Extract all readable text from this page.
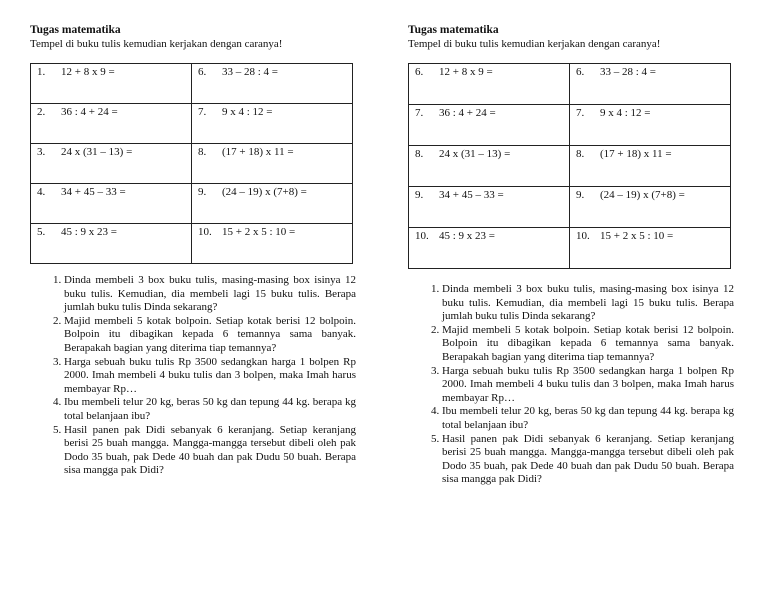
Tugas matematika

Tempel di buku tulis kemudian kerjakan dengan caranya!

1. 12 + 8 x 9 =	6. 33 – 28 : 4 =
2. 36 : 4 + 24 =	7. 9 x 4 : 12 =
3. 24 x (31 – 13) =	8. (17 + 18) x 11 =
4. 34 + 45 – 33 =	9. (24 – 19) x (7+8) =
5. 45 : 9 x 23 =	10. 15 + 2 x 5 : 10 =
1. Dinda membeli 3 box buku tulis, masing-masing box isinya 12 buku tulis. Kemudian, dia membeli lagi 15 buku tulis. Berapa jumlah buku tulis Dinda sekarang?
2. Majid membeli 5 kotak bolpoin. Setiap kotak berisi 12 bolpoin. Bolpoin itu dibagikan kepada 6 temannya sama banyak. Berapakah bagian yang diterima tiap temannya?
3. Harga sebuah buku tulis Rp 3500 sedangkan harga 1 bolpen Rp 2000. Imah membeli 4 buku tulis dan 3 bolpen, maka Imah harus membayar Rp…
4. Ibu membeli telur 20 kg, beras 50 kg dan tepung 44 kg. berapa kg total belanjaan ibu?
5. Hasil panen pak Didi sebanyak 6 keranjang. Setiap keranjang berisi 25 buah mangga. Mangga-mangga tersebut dibeli oleh pak Dodo 35 buah, pak Dede 40 buah dan pak Dudu 50 buah. Berapa sisa mangga pak Didi?

Tugas matematika

Tempel di buku tulis kemudian kerjakan dengan caranya!

6. 12 + 8 x 9 =	6. 33 – 28 : 4 =
7. 36 : 4 + 24 =	7. 9 x 4 : 12 =
8. 24 x (31 – 13) =	8. (17 + 18) x 11 =
9. 34 + 45 – 33 =	9. (24 – 19) x (7+8) =
10. 45 : 9 x 23 =	10. 15 + 2 x 5 : 10 =
1. Dinda membeli 3 box buku tulis, masing-masing box isinya 12 buku tulis. Kemudian, dia membeli lagi 15 buku tulis. Berapa jumlah buku tulis Dinda sekarang?
2. Majid membeli 5 kotak bolpoin. Setiap kotak berisi 12 bolpoin. Bolpoin itu dibagikan kepada 6 temannya sama banyak. Berapakah bagian yang diterima tiap temannya?
3. Harga sebuah buku tulis Rp 3500 sedangkan harga 1 bolpen Rp 2000. Imah membeli 4 buku tulis dan 3 bolpen, maka Imah harus membayar Rp…
4. Ibu membeli telur 20 kg, beras 50 kg dan tepung 44 kg. berapa kg total belanjaan ibu?
5. Hasil panen pak Didi sebanyak 6 keranjang. Setiap keranjang berisi 25 buah mangga. Mangga-mangga tersebut dibeli oleh pak Dodo 35 buah, pak Dede 40 buah dan pak Dudu 50 buah. Berapa sisa mangga pak Didi?
